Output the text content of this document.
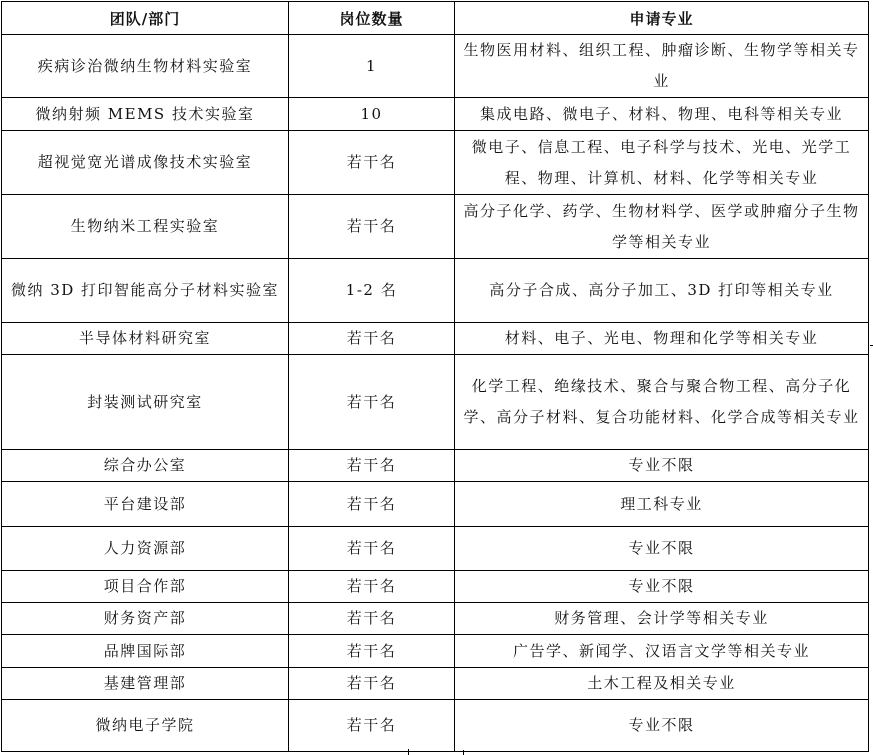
团队/部门	岗位数量	申请专业
疾病诊治微纳生物材料实验室	1	生物医用材料、组织工程、肿瘤诊断、生物学等相关专业
微纳射频 MEMS 技术实验室	10	集成电路、微电子、材料、物理、电科等相关专业
超视觉宽光谱成像技术实验室	若干名	微电子、信息工程、电子科学与技术、光电、光学工程、物理、计算机、材料、化学等相关专业
生物纳米工程实验室	若干名	高分子化学、药学、生物材料学、医学或肿瘤分子生物学等相关专业
微纳 3D 打印智能高分子材料实验室	1-2 名	高分子合成、高分子加工、3D 打印等相关专业
半导体材料研究室	若干名	材料、电子、光电、物理和化学等相关专业
封装测试研究室	若干名	化学工程、绝缘技术、聚合与聚合物工程、高分子化学、高分子材料、复合功能材料、化学合成等相关专业
综合办公室	若干名	专业不限
平台建设部	若干名	理工科专业
人力资源部	若干名	专业不限
项目合作部	若干名	专业不限
财务资产部	若干名	财务管理、会计学等相关专业
品牌国际部	若干名	广告学、新闻学、汉语言文学等相关专业
基建管理部	若干名	土木工程及相关专业
微纳电子学院	若干名	专业不限
